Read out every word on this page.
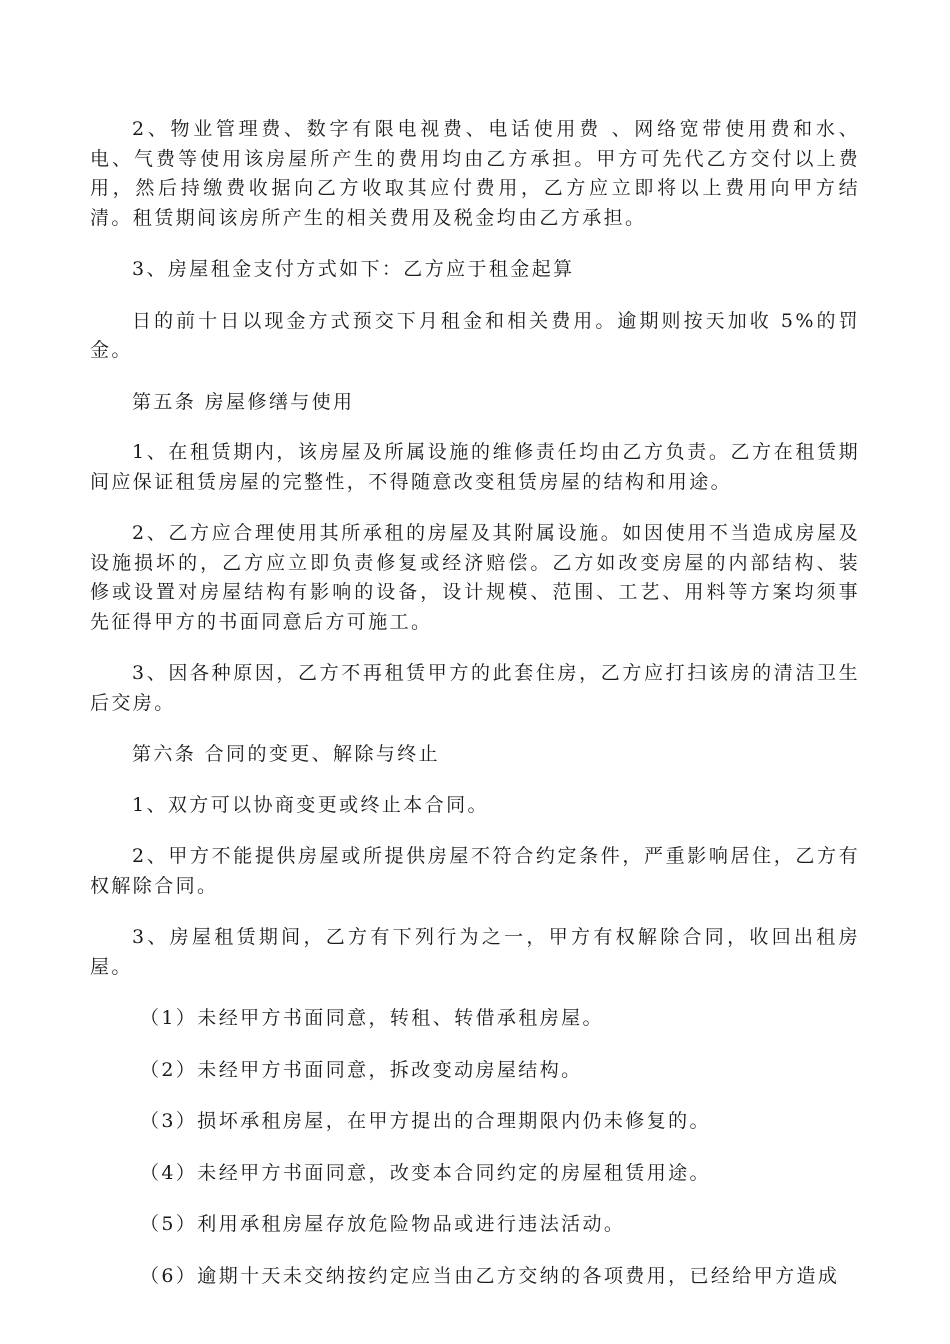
2、物业管理费、数字有限电视费、电话使用费 、网络宽带使用费和水、电、气费等使用该房屋所产生的费用均由乙方承担。甲方可先代乙方交付以上费用，然后持缴费收据向乙方收取其应付费用，乙方应立即将以上费用向甲方结清。租赁期间该房所产生的相关费用及税金均由乙方承担。

3、房屋租金支付方式如下：乙方应于租金起算

日的前十日以现金方式预交下月租金和相关费用。逾期则按天加收 5%的罚金。

第五条 房屋修缮与使用

1、在租赁期内，该房屋及所属设施的维修责任均由乙方负责。乙方在租赁期间应保证租赁房屋的完整性，不得随意改变租赁房屋的结构和用途。

2、乙方应合理使用其所承租的房屋及其附属设施。如因使用不当造成房屋及设施损坏的，乙方应立即负责修复或经济赔偿。乙方如改变房屋的内部结构、装修或设置对房屋结构有影响的设备，设计规模、范围、工艺、用料等方案均须事先征得甲方的书面同意后方可施工。

3、因各种原因，乙方不再租赁甲方的此套住房，乙方应打扫该房的清洁卫生后交房。

第六条 合同的变更、解除与终止

1、双方可以协商变更或终止本合同。

2、甲方不能提供房屋或所提供房屋不符合约定条件，严重影响居住，乙方有权解除合同。

3、房屋租赁期间，乙方有下列行为之一，甲方有权解除合同，收回出租房屋。

（1）未经甲方书面同意，转租、转借承租房屋。

（2）未经甲方书面同意，拆改变动房屋结构。

（3）损坏承租房屋，在甲方提出的合理期限内仍未修复的。

（4）未经甲方书面同意，改变本合同约定的房屋租赁用途。

（5）利用承租房屋存放危险物品或进行违法活动。

（6）逾期十天未交纳按约定应当由乙方交纳的各项费用，已经给甲方造成
